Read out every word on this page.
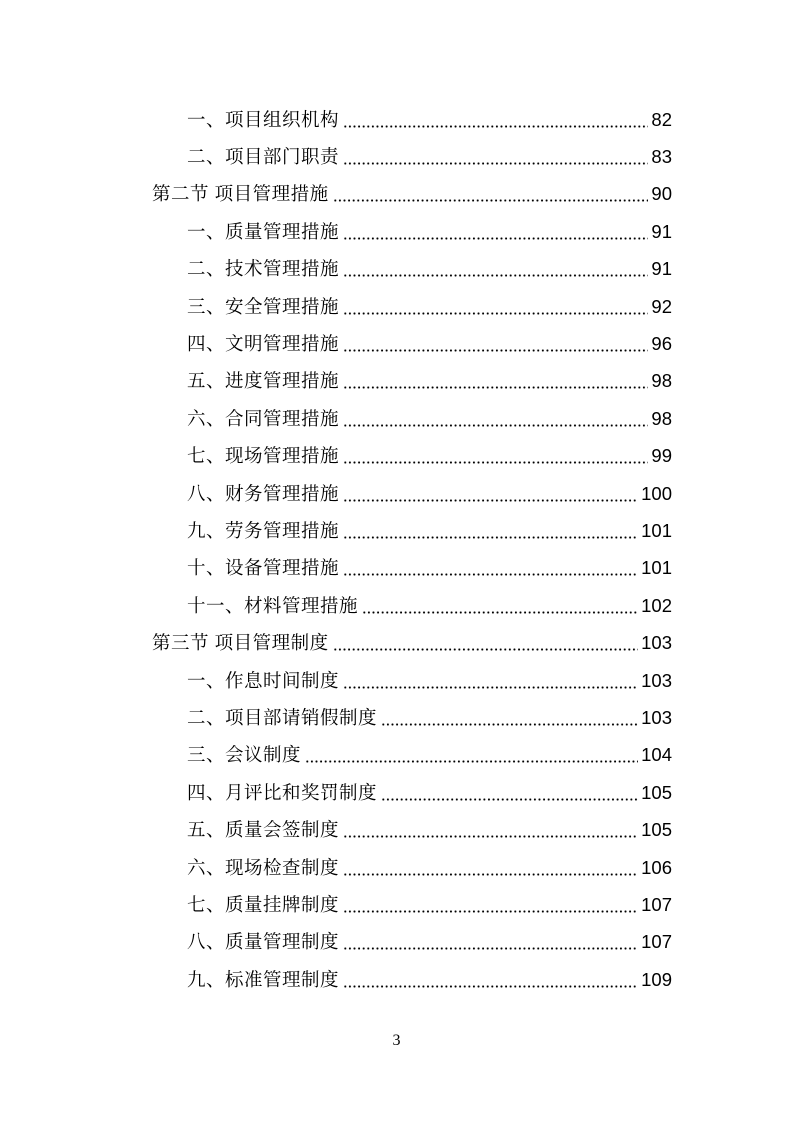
一、项目组织机构	82
二、项目部门职责	83
第二节 项目管理措施	90
一、质量管理措施	91
二、技术管理措施	91
三、安全管理措施	92
四、文明管理措施	96
五、进度管理措施	98
六、合同管理措施	98
七、现场管理措施	99
八、财务管理措施	100
九、劳务管理措施	101
十、设备管理措施	101
十一、材料管理措施	102
第三节 项目管理制度	103
一、作息时间制度	103
二、项目部请销假制度	103
三、会议制度	104
四、月评比和奖罚制度	105
五、质量会签制度	105
六、现场检查制度	106
七、质量挂牌制度	107
八、质量管理制度	107
九、标准管理制度	109
3
